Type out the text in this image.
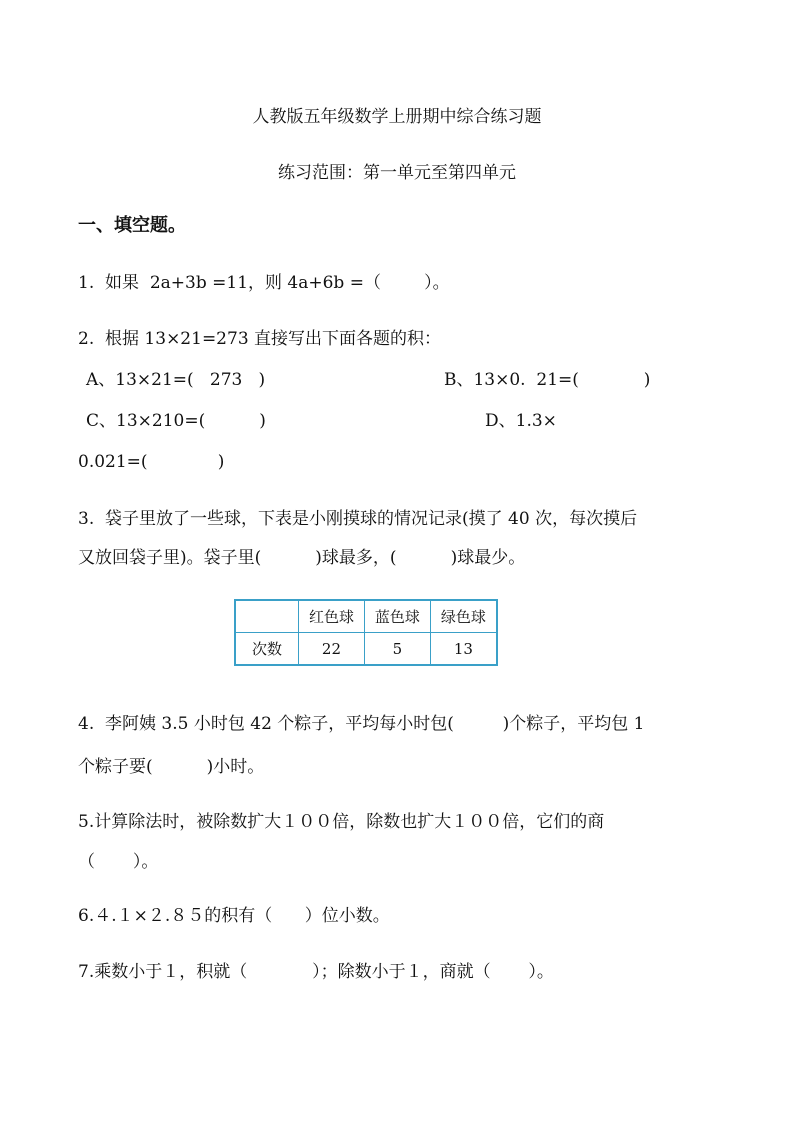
人教版五年级数学上册期中综合练习题
练习范围：第一单元至第四单元
一、填空题。
1.  如果  2a+3b =11，则 4a+6b =（        ）。
2.  根据 13×21=273 直接写出下面各题的积：
A、13×21=(   273   )	B、13×0.  21=(            )
C、13×210=(          )	D、1.3×
0.021=(             )
3.  袋子里放了一些球，下表是小刚摸球的情况记录(摸了 40 次，每次摸后
又放回袋子里)。袋子里(          )球最多，(          )球最少。
	红色球	蓝色球	绿色球
次数	22	5	13
4.  李阿姨 3.5 小时包 42 个粽子，平均每小时包(         )个粽子，平均包 1
个粽子要(          )小时。
5.计算除法时，被除数扩大１００倍，除数也扩大１００倍，它们的商
（       ）。
6.４.１×２.８５的积有（      ）位小数。
7.乘数小于１，积就（            ）；除数小于１，商就（       ）。
